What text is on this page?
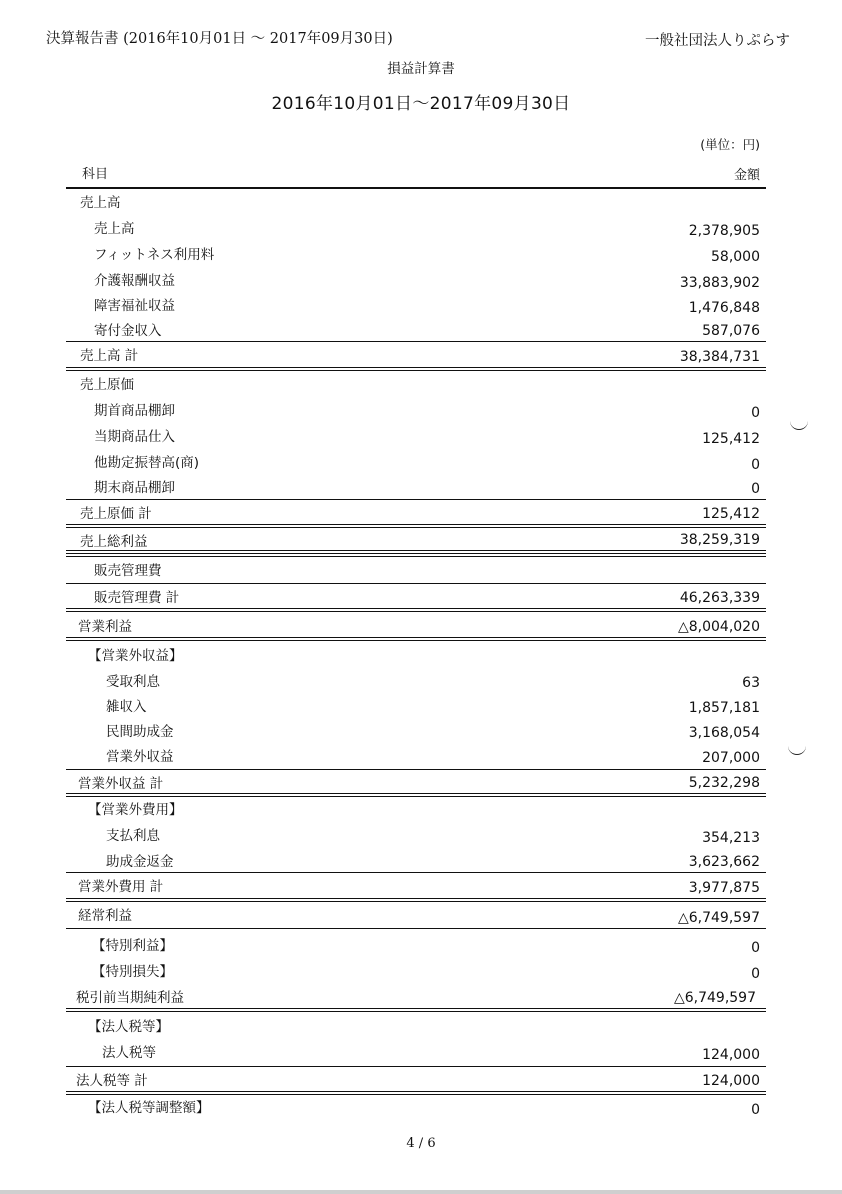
決算報告書 (2016年10月01日 ～ 2017年09月30日)	一般社団法人りぷらす
損益計算書
2016年10月01日～2017年09月30日
(単位：円)
科目	金額
売上高
売上高	2,378,905
フィットネス利用料	58,000
介護報酬収益	33,883,902
障害福祉収益	1,476,848
寄付金収入	587,076
売上高 計	38,384,731
売上原価
期首商品棚卸	0
当期商品仕入	125,412
他勘定振替高(商)	0
期末商品棚卸	0
売上原価 計	125,412
売上総利益	38,259,319
販売管理費
販売管理費 計	46,263,339
営業利益	△8,004,020
【営業外収益】
受取利息	63
雑収入	1,857,181
民間助成金	3,168,054
営業外収益	207,000
営業外収益 計	5,232,298
【営業外費用】
支払利息	354,213
助成金返金	3,623,662
営業外費用 計	3,977,875
経常利益	△6,749,597
【特別利益】	0
【特別損失】	0
税引前当期純利益	△6,749,597
【法人税等】
法人税等	124,000
法人税等 計	124,000
【法人税等調整額】	0
4 / 6
